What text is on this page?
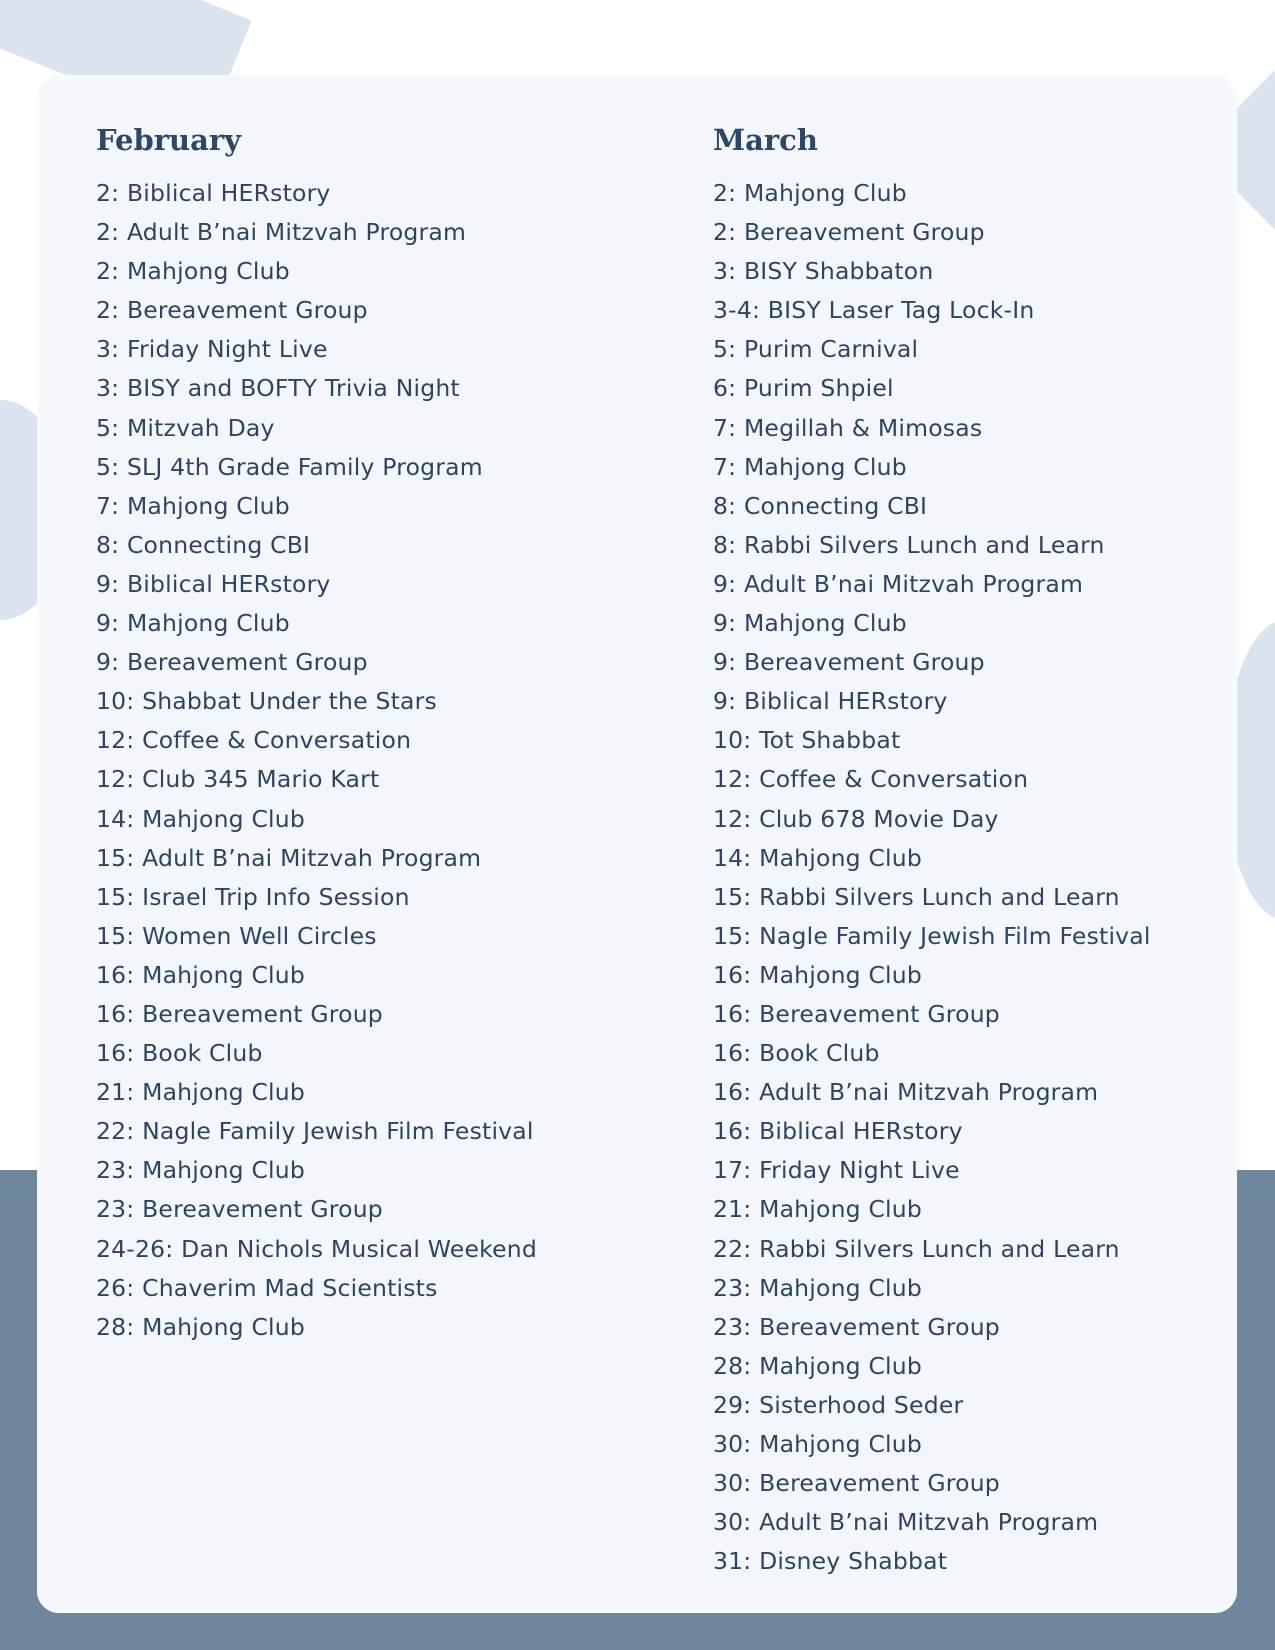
February
2: Biblical HERstory
2: Adult B’nai Mitzvah Program
2: Mahjong Club
2: Bereavement Group
3: Friday Night Live
3: BISY and BOFTY Trivia Night
5: Mitzvah Day
5: SLJ 4th Grade Family Program
7: Mahjong Club
8: Connecting CBI
9: Biblical HERstory
9: Mahjong Club
9: Bereavement Group
10: Shabbat Under the Stars
12: Coffee & Conversation
12: Club 345 Mario Kart
14: Mahjong Club
15: Adult B’nai Mitzvah Program
15: Israel Trip Info Session
15: Women Well Circles
16: Mahjong Club
16: Bereavement Group
16: Book Club
21: Mahjong Club
22: Nagle Family Jewish Film Festival
23: Mahjong Club
23: Bereavement Group
24-26: Dan Nichols Musical Weekend
26: Chaverim Mad Scientists
28: Mahjong Club
March
2: Mahjong Club
2: Bereavement Group
3: BISY Shabbaton
3-4: BISY Laser Tag Lock-In
5: Purim Carnival
6: Purim Shpiel
7: Megillah & Mimosas
7: Mahjong Club
8: Connecting CBI
8: Rabbi Silvers Lunch and Learn
9: Adult B’nai Mitzvah Program
9: Mahjong Club
9: Bereavement Group
9: Biblical HERstory
10: Tot Shabbat
12: Coffee & Conversation
12: Club 678 Movie Day
14: Mahjong Club
15: Rabbi Silvers Lunch and Learn
15: Nagle Family Jewish Film Festival
16: Mahjong Club
16: Bereavement Group
16: Book Club
16: Adult B’nai Mitzvah Program
16: Biblical HERstory
17: Friday Night Live
21: Mahjong Club
22: Rabbi Silvers Lunch and Learn
23: Mahjong Club
23: Bereavement Group
28: Mahjong Club
29: Sisterhood Seder
30: Mahjong Club
30: Bereavement Group
30: Adult B’nai Mitzvah Program
31: Disney Shabbat
